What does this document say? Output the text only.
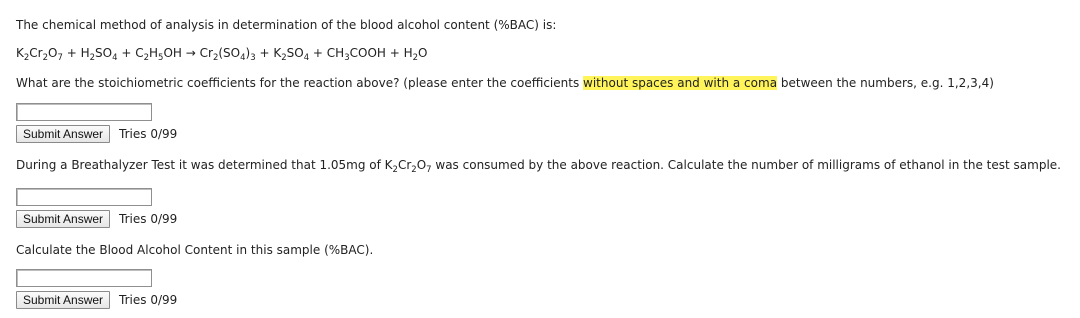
The chemical method of analysis in determination of the blood alcohol content (%BAC) is:
$K_2Cr_2O_7 + H_2SO_4 + C_2H_5OH \to Cr_2(SO_4)_3 + K_2SO_4$ + $CH_3COOH + H_2O$
What are the stoichiometric coefficients for the reaction above? (please enter the coefficients without spaces and with a coma between the numbers, e.g. 1,2,3,4)
Submit Answer	Tries 0/99
During a Breathalyzer Test it was determined that 1.05mg of $K_2Cr_2O_7$ was consumed by the above reaction. Calculate the number of milligrams of ethanol in the test sample.
Submit Answer	Tries 0/99
Calculate the Blood Alcohol Content in this sample (%BAC).
Submit Answer	Tries 0/99
